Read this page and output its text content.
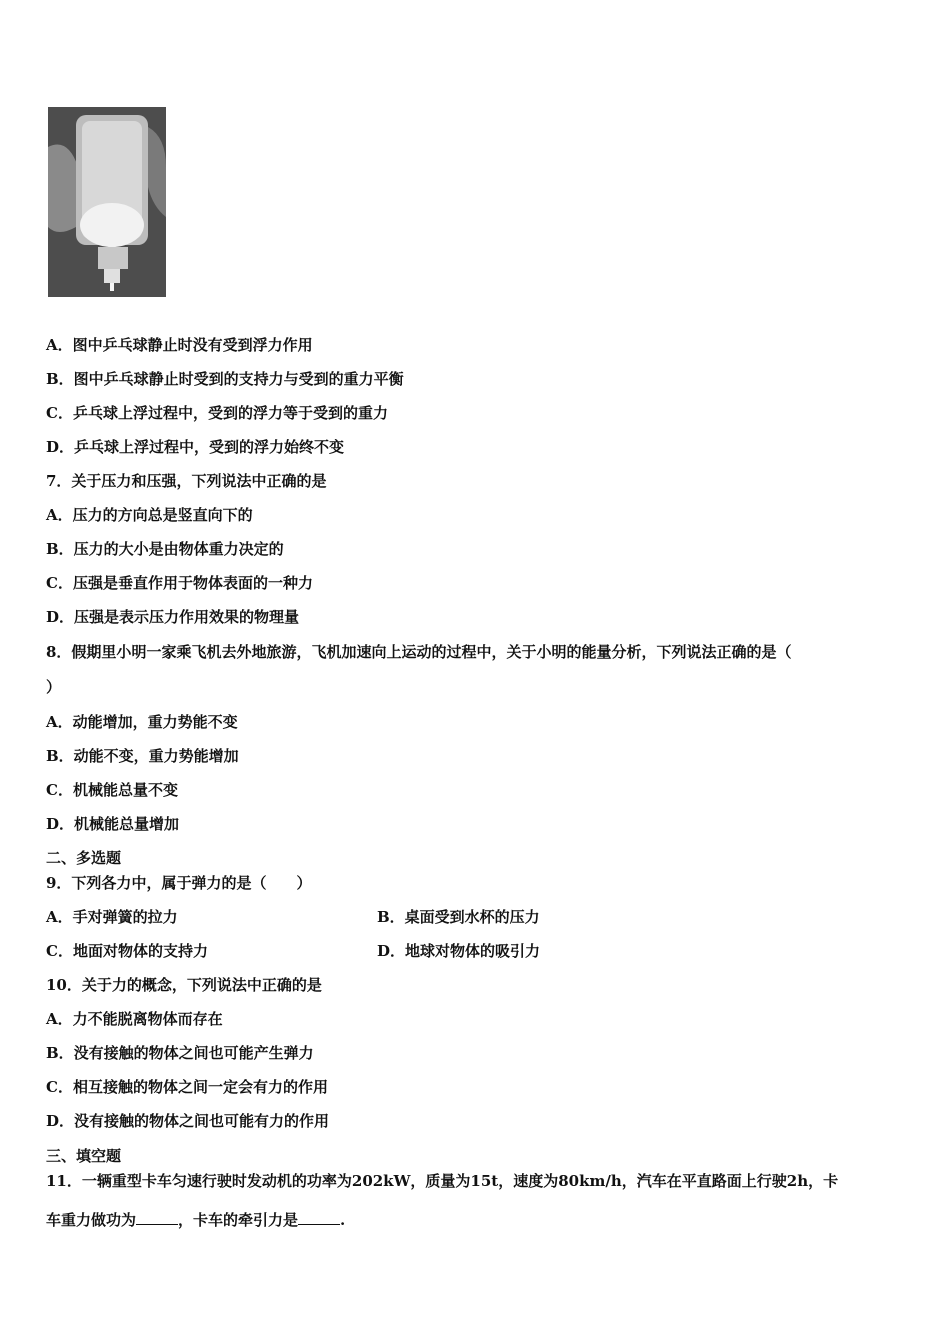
A．图中乒乓球静止时没有受到浮力作用
B．图中乒乓球静止时受到的支持力与受到的重力平衡
C．乒乓球上浮过程中，受到的浮力等于受到的重力
D．乒乓球上浮过程中，受到的浮力始终不变
7．关于压力和压强，下列说法中正确的是
A．压力的方向总是竖直向下的
B．压力的大小是由物体重力决定的
C．压强是垂直作用于物体表面的一种力
D．压强是表示压力作用效果的物理量
8．假期里小明一家乘飞机去外地旅游，飞机加速向上运动的过程中，关于小明的能量分析，下列说法正确的是（
）
A．动能增加，重力势能不变
B．动能不变，重力势能增加
C．机械能总量不变
D．机械能总量增加
二、多选题
9．下列各力中，属于弹力的是（　　）
A．手对弹簧的拉力	B．桌面受到水杯的压力
C．地面对物体的支持力	D．地球对物体的吸引力
10．关于力的概念，下列说法中正确的是
A．力不能脱离物体而存在
B．没有接触的物体之间也可能产生弹力
C．相互接触的物体之间一定会有力的作用
D．没有接触的物体之间也可能有力的作用
三、填空题
11．一辆重型卡车匀速行驶时发动机的功率为202kW，质量为15t，速度为80km/h，汽车在平直路面上行驶2h，卡
车重力做功为	，卡车的牵引力是	.
